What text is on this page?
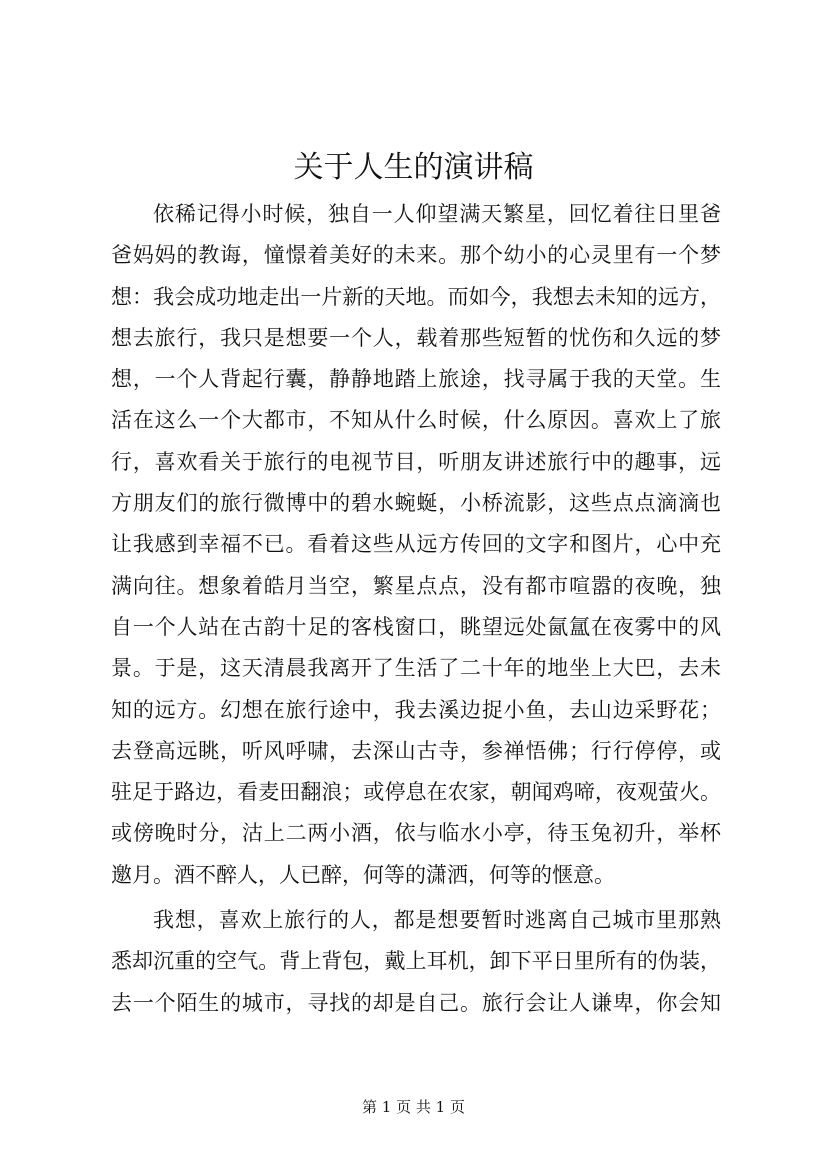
关于人生的演讲稿
依稀记得小时候，独自一人仰望满天繁星，回忆着往日里爸
爸妈妈的教诲，憧憬着美好的未来。那个幼小的心灵里有一个梦
想：我会成功地走出一片新的天地。而如今，我想去未知的远方，
想去旅行，我只是想要一个人，载着那些短暂的忧伤和久远的梦
想，一个人背起行囊，静静地踏上旅途，找寻属于我的天堂。生
活在这么一个大都市，不知从什么时候，什么原因。喜欢上了旅
行，喜欢看关于旅行的电视节目，听朋友讲述旅行中的趣事，远
方朋友们的旅行微博中的碧水蜿蜒，小桥流影，这些点点滴滴也
让我感到幸福不已。看着这些从远方传回的文字和图片，心中充
满向往。想象着皓月当空，繁星点点，没有都市喧嚣的夜晚，独
自一个人站在古韵十足的客栈窗口，眺望远处氤氲在夜雾中的风
景。于是，这天清晨我离开了生活了二十年的地坐上大巴，去未
知的远方。幻想在旅行途中，我去溪边捉小鱼，去山边采野花；
去登高远眺，听风呼啸，去深山古寺，参禅悟佛；行行停停，或
驻足于路边，看麦田翻浪；或停息在农家，朝闻鸡啼，夜观萤火。
或傍晚时分，沽上二两小酒，依与临水小亭，待玉兔初升，举杯
邀月。酒不醉人，人已醉，何等的潇洒，何等的惬意。
我想，喜欢上旅行的人，都是想要暂时逃离自己城市里那熟
悉却沉重的空气。背上背包，戴上耳机，卸下平日里所有的伪装，
去一个陌生的城市，寻找的却是自己。旅行会让人谦卑，你会知
第 1 页 共 1 页
